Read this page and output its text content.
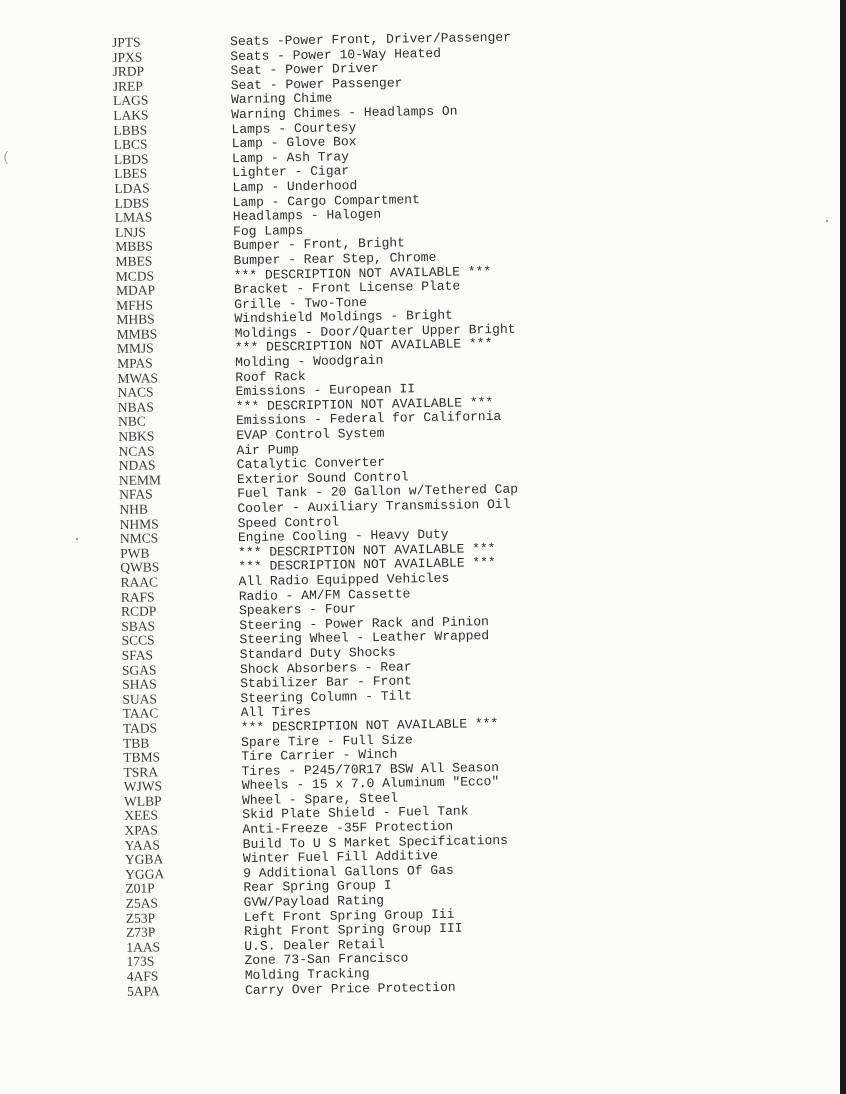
(
JPTS	Seats -Power Front, Driver/Passenger
JPXS	Seats - Power 10-Way Heated
JRDP	Seat - Power Driver
JREP	Seat - Power Passenger
LAGS	Warning Chime
LAKS	Warning Chimes - Headlamps On
LBBS	Lamps - Courtesy
LBCS	Lamp - Glove Box
LBDS	Lamp - Ash Tray
LBES	Lighter - Cigar
LDAS	Lamp - Underhood
LDBS	Lamp - Cargo Compartment
LMAS	Headlamps - Halogen
LNJS	Fog Lamps
MBBS	Bumper - Front, Bright
MBES	Bumper - Rear Step, Chrome
MCDS	*** DESCRIPTION NOT AVAILABLE ***
MDAP	Bracket - Front License Plate
MFHS	Grille - Two-Tone
MHBS	Windshield Moldings - Bright
MMBS	Moldings - Door/Quarter Upper Bright
MMJS	*** DESCRIPTION NOT AVAILABLE ***
MPAS	Molding - Woodgrain
MWAS	Roof Rack
NACS	Emissions - European II
NBAS	*** DESCRIPTION NOT AVAILABLE ***
NBC	Emissions - Federal for California
NBKS	EVAP Control System
NCAS	Air Pump
NDAS	Catalytic Converter
NEMM	Exterior Sound Control
NFAS	Fuel Tank - 20 Gallon w/Tethered Cap
NHB	Cooler - Auxiliary Transmission Oil
NHMS	Speed Control
NMCS	Engine Cooling - Heavy Duty
PWB	*** DESCRIPTION NOT AVAILABLE ***
QWBS	*** DESCRIPTION NOT AVAILABLE ***
RAAC	All Radio Equipped Vehicles
RAFS	Radio - AM/FM Cassette
RCDP	Speakers - Four
SBAS	Steering - Power Rack and Pinion
SCCS	Steering Wheel - Leather Wrapped
SFAS	Standard Duty Shocks
SGAS	Shock Absorbers - Rear
SHAS	Stabilizer Bar - Front
SUAS	Steering Column - Tilt
TAAC	All Tires
TADS	*** DESCRIPTION NOT AVAILABLE ***
TBB	Spare Tire - Full Size
TBMS	Tire Carrier - Winch
TSRA	Tires - P245/70R17 BSW All Season
WJWS	Wheels - 15 x 7.0 Aluminum "Ecco"
WLBP	Wheel - Spare, Steel
XEES	Skid Plate Shield - Fuel Tank
XPAS	Anti-Freeze -35F Protection
YAAS	Build To U S Market Specifications
YGBA	Winter Fuel Fill Additive
YGGA	9 Additional Gallons Of Gas
Z01P	Rear Spring Group I
Z5AS	GVW/Payload Rating
Z53P	Left Front Spring Group Iii
Z73P	Right Front Spring Group III
1AAS	U.S. Dealer Retail
173S	Zone 73-San Francisco
4AFS	Molding Tracking
5APA	Carry Over Price Protection
